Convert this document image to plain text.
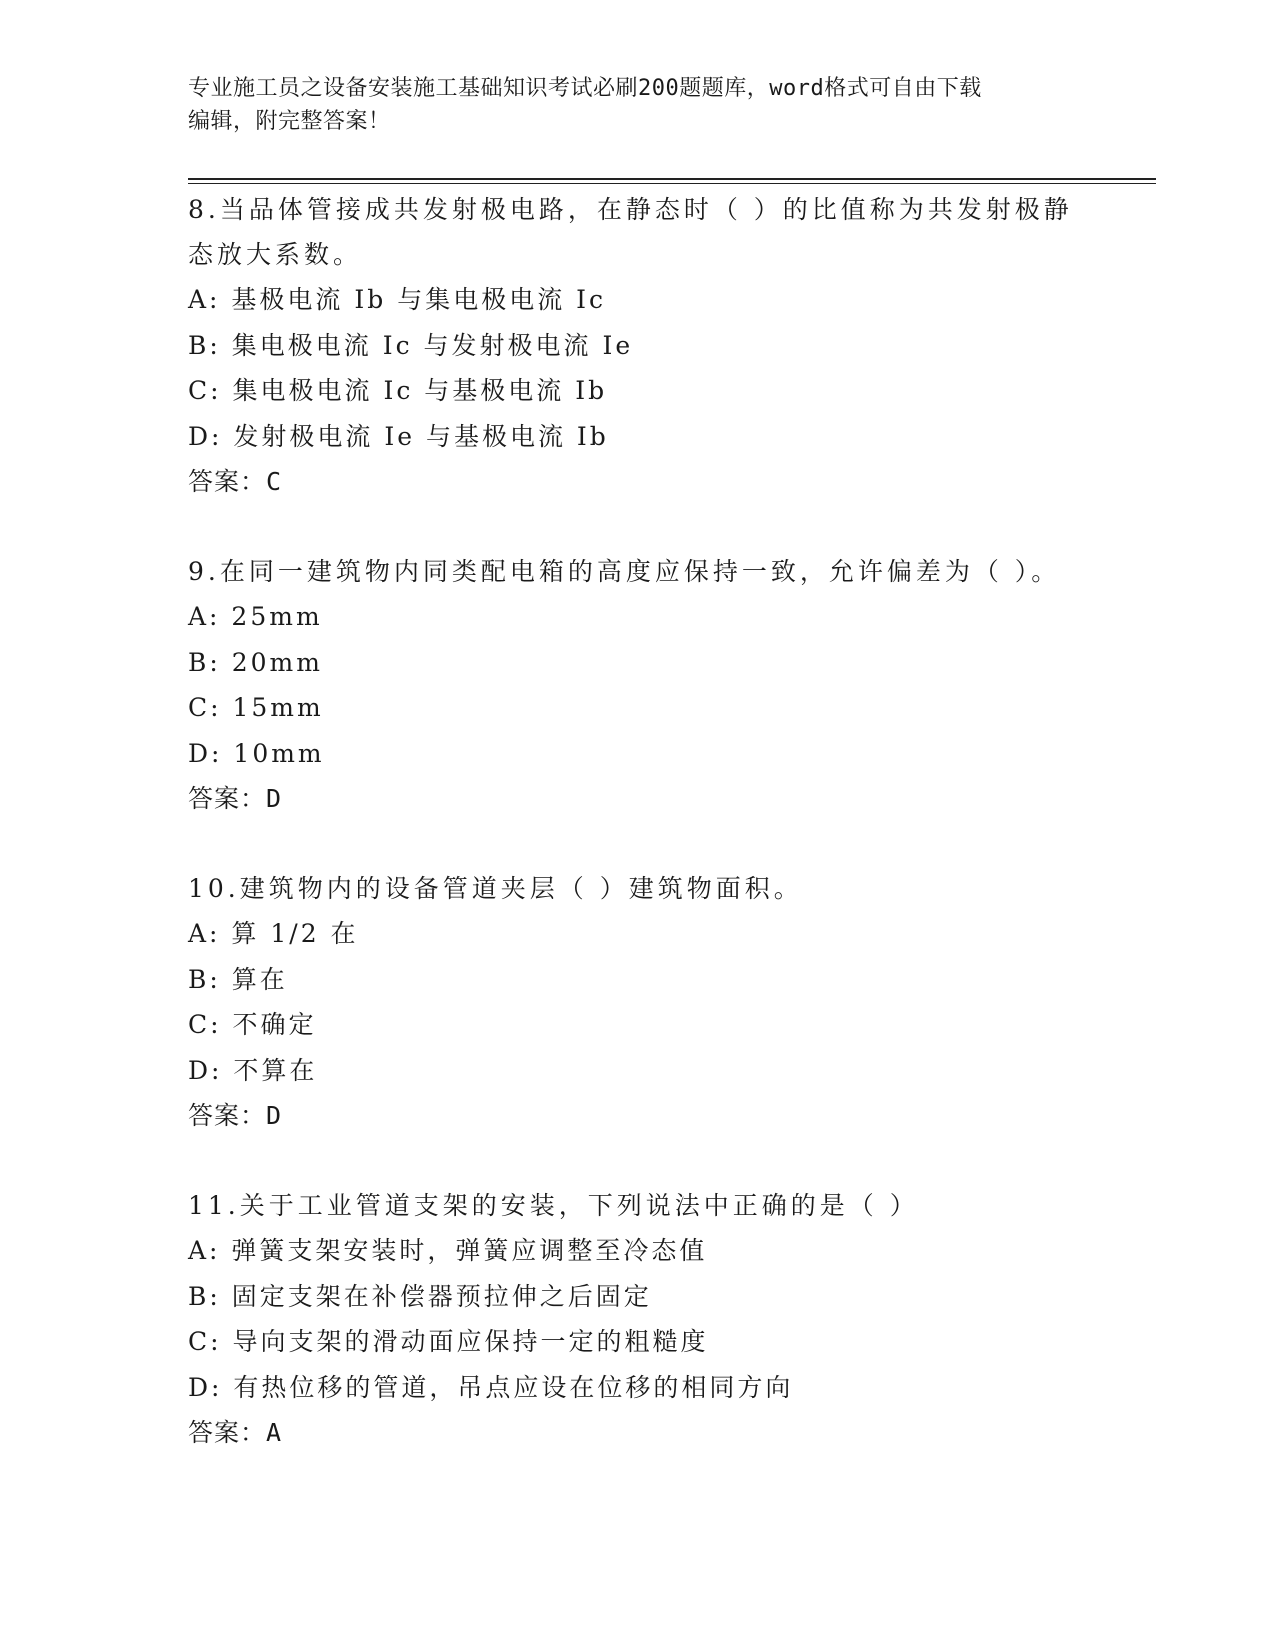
专业施工员之设备安装施工基础知识考试必刷200题题库，word格式可自由下载
编辑，附完整答案！
8.当品体管接成共发射极电路，在静态时（ ）的比值称为共发射极静
态放大系数。
A: 基极电流 Ib 与集电极电流 Ic
B: 集电极电流 Ic 与发射极电流 Ie
C: 集电极电流 Ic 与基极电流 Ib
D: 发射极电流 Ie 与基极电流 Ib
答案：C
9.在同一建筑物内同类配电箱的高度应保持一致，允许偏差为（ ）。
A: 25mm
B: 20mm
C: 15mm
D: 10mm
答案：D
10.建筑物内的设备管道夹层（ ）建筑物面积。
A: 算 1/2 在
B: 算在
C: 不确定
D: 不算在
答案：D
11.关于工业管道支架的安装，下列说法中正确的是（ ）
A: 弹簧支架安装时，弹簧应调整至冷态值
B: 固定支架在补偿器预拉伸之后固定
C: 导向支架的滑动面应保持一定的粗糙度
D: 有热位移的管道，吊点应设在位移的相同方向
答案：A
